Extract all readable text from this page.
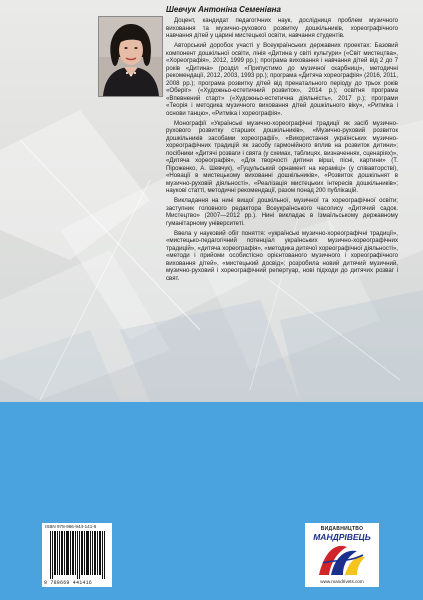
Шевчук Антоніна Семенівна

Доцент, кандидат педагогічних наук, дослідниця проблем музичного виховання та музично-рухового розвитку дошкільників, хореографічного навчання дітей у царині мистецької освіти, навчання студентів.

Авторський доробок участі у Всеукраїнських державних проектах: Базовий компонент дошкільної освіти, лінія «Дитина у світі культури» («Світ мистецтва», «Хореографія», 2012, 1999 рр.); програма виховання і навчання дітей від 2 до 7 років «Дитина» (розділ «Припустимо до музичної скарбниці», методичні рекомендації, 2012, 2003, 1993 рр.); програма «Дитяча хореографія» (2016, 2011, 2008 рр.); програма розвитку дітей від пренатального періоду до трьох років «Оберіг» («Художньо-естетичний розвиток», 2014 р.); освітня програма «Впевнений старт» («Художньо-естетична діяльність», 2017 р.); програми «Теорія і методика музичного виховання дітей дошкільного віку», «Ритміка і основи танцю», «Ритміка і хореографія».

Монографії «Українські музично-хореографічні традиції як засіб музично-рухового розвитку старших дошкільників», «Музично-руховий розвиток дошкільників засобами хореографії», «Використання українських музично-хореографічних традицій як засобу гармонійного вплив на розвиток дитини»; посібники «Дитячі розваги і свята (у схемах, таблицях, визначеннях, сценаріях)», «Дитяча хореографія», «Для творчості дитини вірші, пісні, картини» (Т. Піроженко, А. Шевчук), «Гуцульський орнамент на кераміці» (у співавторстві), «Новації в мистецькому вихованні дошкільників», «Розвиток дошкільнят в музично-руховій діяльності», «Реалізація мистецьких інтересів дошкільників»; наукові статті, методичні рекомендації, разом понад 200 публікацій.

Викладання на нині вищої дошкільної, музичної та хореографічної освіти; заступник головного редактора Всеукраїнського часопису «Дитячий садок. Мистецтво» (2007—2012 рр.). Нині викладає в Ізмаїльському державному гуманітарному університеті.

Ввела у науковий обіг поняття: «українські музично-хореографічні традиції», «мистецько-педагогічний потенціал українських музично-хореографічних традицій», «дитяча хореографія», «методика дитячої хореографічної діяльності», «методи і прийоми особистісно орієнтованого музичного і хореографічного виховання дітей», «мистецький досвід»; розробила новий дитячий музичний, музично-руховий і хореографічний репертуар, нові підходи до дитячих розваг і свят.

ISBN 978-966-944-141-6
9 789669 441416
ВИДАВНИЦТВО
МАНДРІВЕЦЬ
www.mandrivets.com
